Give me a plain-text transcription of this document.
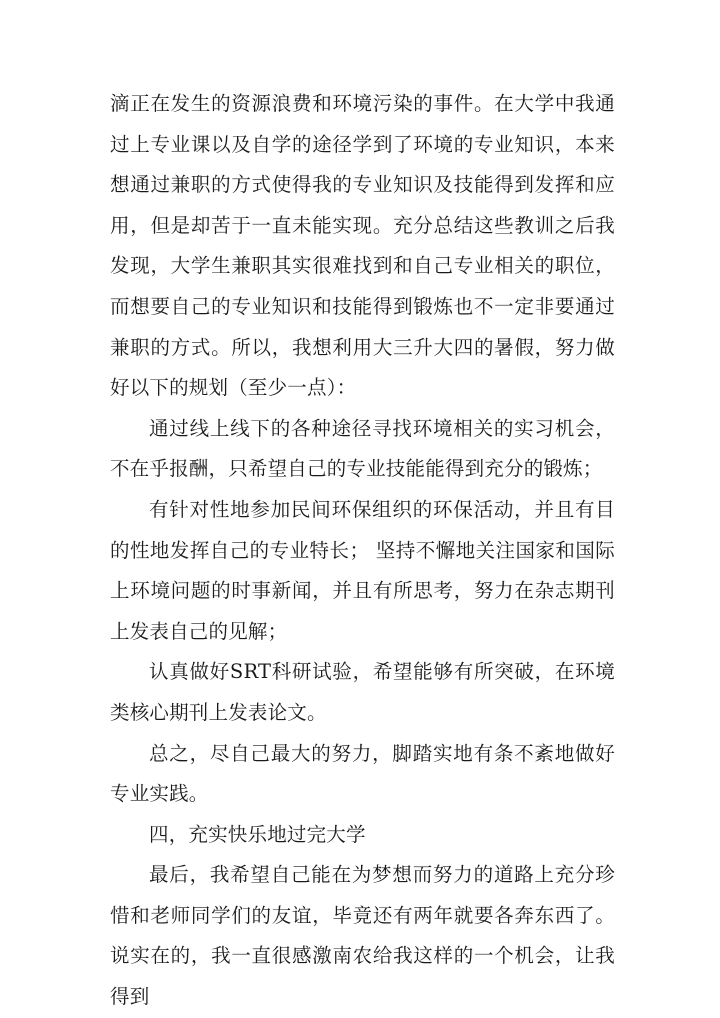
滴正在发生的资源浪费和环境污染的事件。在大学中我通过上专业课以及自学的途径学到了环境的专业知识，本来想通过兼职的方式使得我的专业知识及技能得到发挥和应用，但是却苦于一直未能实现。充分总结这些教训之后我发现，大学生兼职其实很难找到和自己专业相关的职位，而想要自己的专业知识和技能得到锻炼也不一定非要通过兼职的方式。所以，我想利用大三升大四的暑假，努力做好以下的规划（至少一点）：

通过线上线下的各种途径寻找环境相关的实习机会，不在乎报酬，只希望自己的专业技能能得到充分的锻炼；

有针对性地参加民间环保组织的环保活动，并且有目的性地发挥自己的专业特长； 坚持不懈地关注国家和国际上环境问题的时事新闻，并且有所思考，努力在杂志期刊上发表自己的见解；

认真做好SRT科研试验，希望能够有所突破，在环境类核心期刊上发表论文。

总之，尽自己最大的努力，脚踏实地有条不紊地做好专业实践。

四，充实快乐地过完大学

最后，我希望自己能在为梦想而努力的道路上充分珍惜和老师同学们的友谊，毕竟还有两年就要各奔东西了。说实在的，我一直很感激南农给我这样的一个机会，让我得到
